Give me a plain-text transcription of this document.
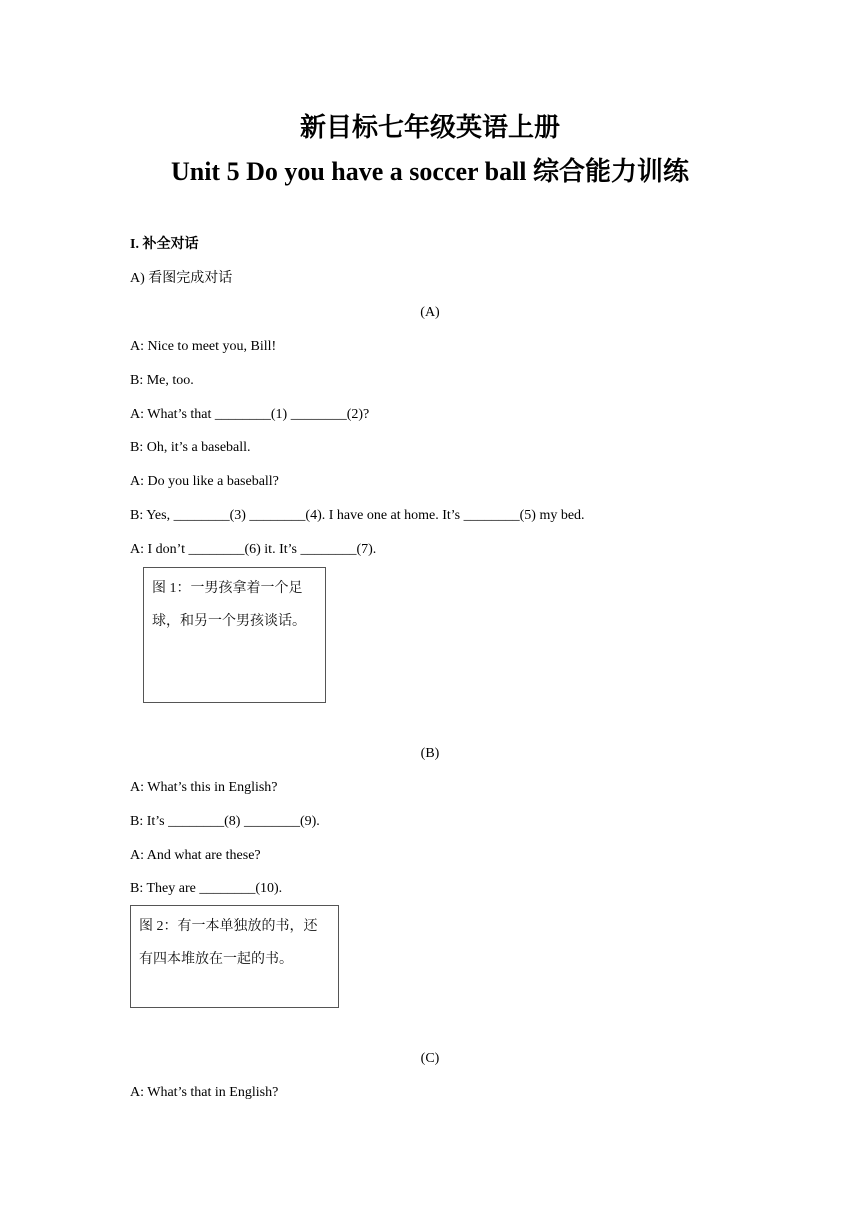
新目标七年级英语上册
Unit 5 Do you have a soccer ball 综合能力训练
I. 补全对话
A) 看图完成对话
(A)
A: Nice to meet you, Bill!
B: Me, too.
A: What’s that ________(1) ________(2)?
B: Oh, it’s a baseball.
A: Do you like a baseball?
B: Yes, ________(3) ________(4). I have one at home. It’s ________(5) my bed.
A: I don’t ________(6) it. It’s ________(7).
图 1：一男孩拿着一个足球，和另一个男孩谈话。
(B)
A: What’s this in English?
B: It’s ________(8) ________(9).
A: And what are these?
B: They are ________(10).
图 2：有一本单独放的书，还有四本堆放在一起的书。
(C)
A: What’s that in English?
